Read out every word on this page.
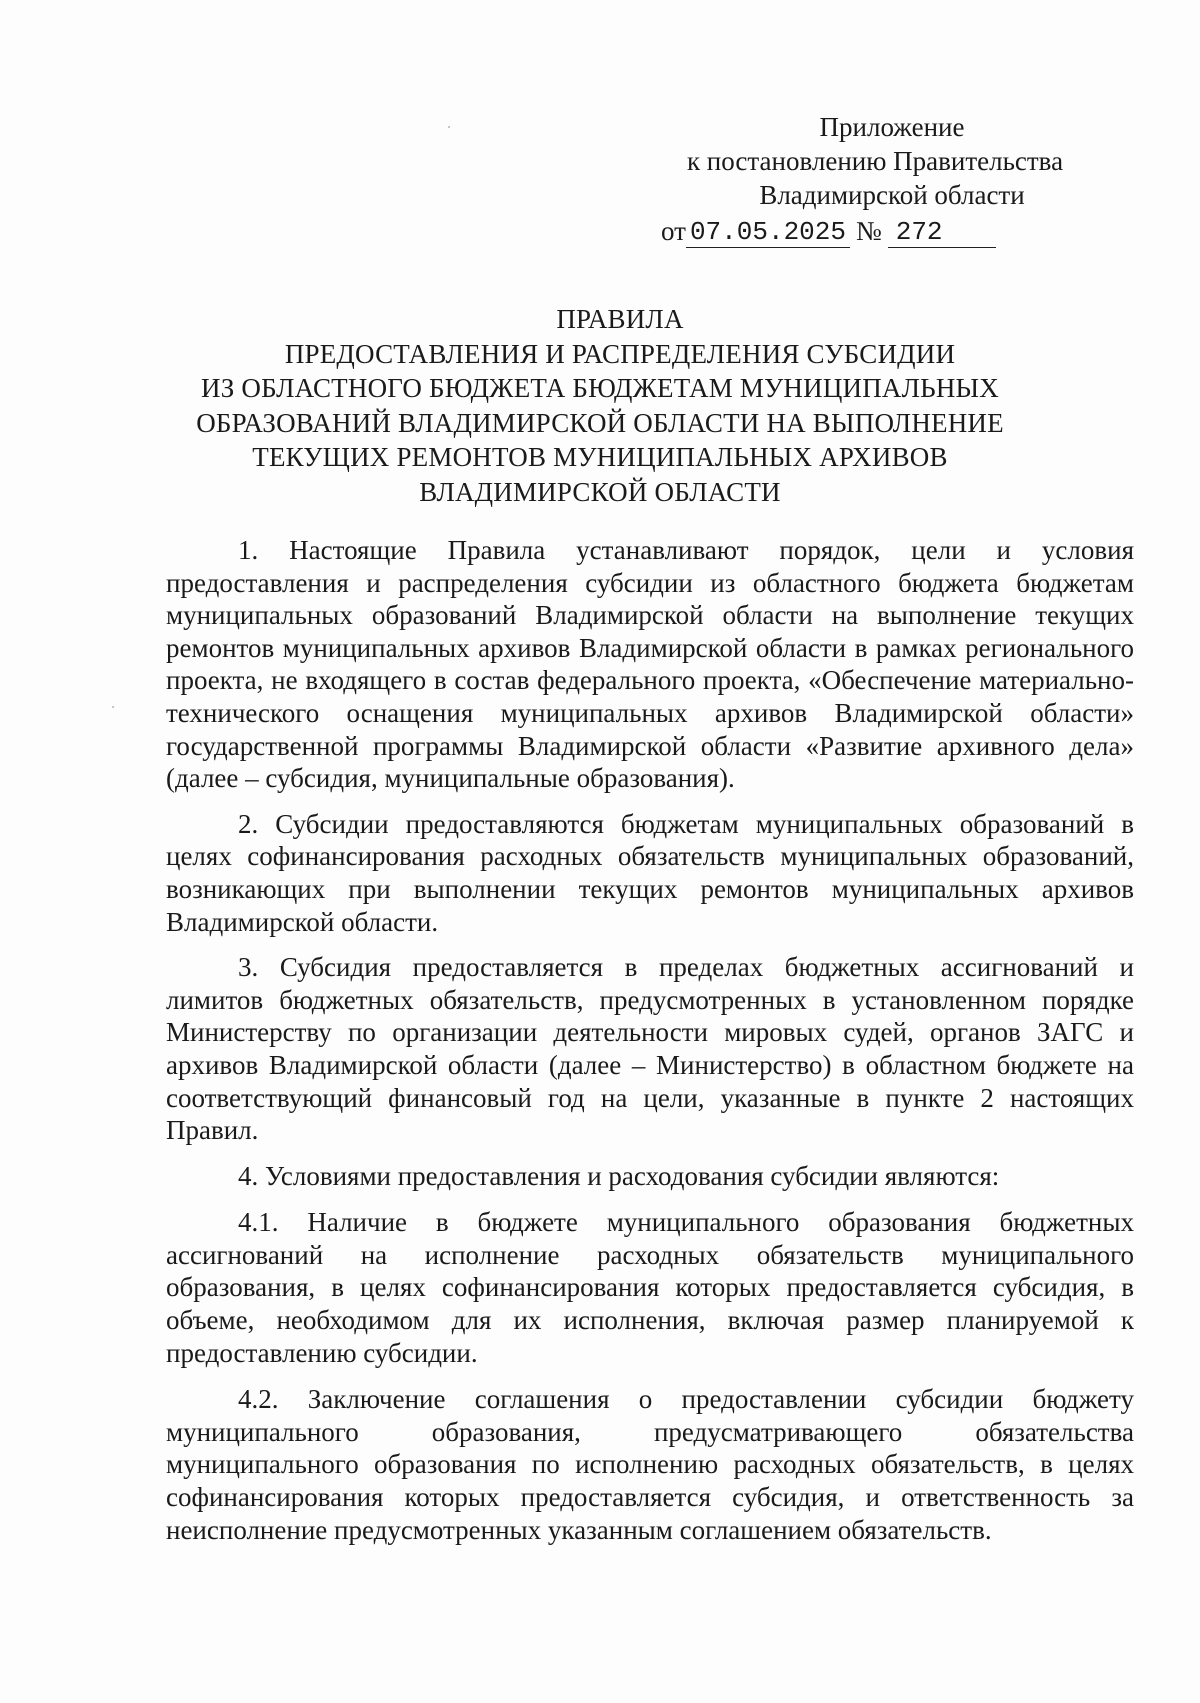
Приложение
к постановлению Правительства
Владимирской области
от 07.05.2025 № 272
ПРАВИЛА
ПРЕДОСТАВЛЕНИЯ И РАСПРЕДЕЛЕНИЯ СУБСИДИИ
ИЗ ОБЛАСТНОГО БЮДЖЕТА БЮДЖЕТАМ МУНИЦИПАЛЬНЫХ
ОБРАЗОВАНИЙ ВЛАДИМИРСКОЙ ОБЛАСТИ НА ВЫПОЛНЕНИЕ
ТЕКУЩИХ РЕМОНТОВ МУНИЦИПАЛЬНЫХ АРХИВОВ
ВЛАДИМИРСКОЙ ОБЛАСТИ

1. Настоящие Правила устанавливают порядок, цели и условия предоставления и распределения субсидии из областного бюджета бюджетам муниципальных образований Владимирской области на выполнение текущих ремонтов муниципальных архивов Владимирской области в рамках регионального проекта, не входящего в состав федерального проекта, «Обеспечение материально-технического оснащения муниципальных архивов Владимирской области» государственной программы Владимирской области «Развитие архивного дела» (далее – субсидия, муниципальные образования).

2. Субсидии предоставляются бюджетам муниципальных образований в целях софинансирования расходных обязательств муниципальных образований, возникающих при выполнении текущих ремонтов муниципальных архивов Владимирской области.

3. Субсидия предоставляется в пределах бюджетных ассигнований и лимитов бюджетных обязательств, предусмотренных в установленном порядке Министерству по организации деятельности мировых судей, органов ЗАГС и архивов Владимирской области (далее – Министерство) в областном бюджете на соответствующий финансовый год на цели, указанные в пункте 2 настоящих Правил.

4. Условиями предоставления и расходования субсидии являются:

4.1. Наличие в бюджете муниципального образования бюджетных ассигнований на исполнение расходных обязательств муниципального образования, в целях софинансирования которых предоставляется субсидия, в объеме, необходимом для их исполнения, включая размер планируемой к предоставлению субсидии.

4.2. Заключение соглашения о предоставлении субсидии бюджету муниципального образования, предусматривающего обязательства муниципального образования по исполнению расходных обязательств, в целях софинансирования которых предоставляется субсидия, и ответственность за неисполнение предусмотренных указанным соглашением обязательств.
